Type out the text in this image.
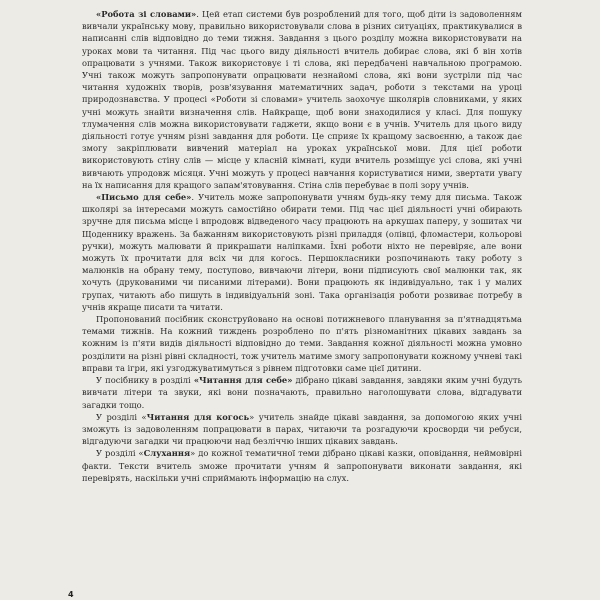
«Робота зі словами». Цей етап системи був розроблений для того, щоб діти із задоволенням вивчали українську мову, правильно використовували слова в різних ситуаціях, практикувалися в написанні слів відповідно до теми тижня. Завдання з цього розділу можна використовувати на уроках мови та читання. Під час цього виду діяльності вчитель добирає слова, які б він хотів опрацювати з учнями. Також використовує і ті слова, які передбачені навчальною програмою. Учні також можуть запропонувати опрацювати незнайомі слова, які вони зустріли під час читання художніх творів, розв'язування математичних задач, роботи з текстами на уроці природознавства. У процесі «Роботи зі словами» учитель заохочує школярів словниками, у яких учні можуть знайти визначення слів. Найкраще, щоб вони знаходилися у класі. Для пошуку тлумачення слів можна використовувати гаджети, якщо вони є в учнів. Учитель для цього виду діяльності готує учням різні завдання для роботи. Це сприяє їх кращому засвоєнню, а також дає змогу закріплювати вивчений матеріал на уроках української мови. Для цієї роботи використовують стіну слів — місце у класній кімнаті, куди вчитель розміщує усі слова, які учні вивчають упродовж місяця. Учні можуть у процесі навчання користуватися ними, звертати увагу на їх написання для кращого запам'ятовування. Стіна слів перебуває в полі зору учнів.

«Письмо для себе». Учитель може запропонувати учням будь-яку тему для письма. Також школярі за інтересами можуть самостійно обирати теми. Під час цієї діяльності учні обирають зручне для письма місце і впродовж відведеного часу працюють на аркушах паперу, у зошитах чи Щоденнику вражень. За бажанням використовують різні приладдя (олівці, фломастери, кольорові ручки), можуть малювати й прикрашати наліпками. Їхні роботи ніхто не перевіряє, але вони можуть їх прочитати для всіх чи для когось. Першокласники розпочинають таку роботу з малюнків на обрану тему, поступово, вивчаючи літери, вони підписують свої малюнки так, як хочуть (друкованими чи писаними літерами). Вони працюють як індивідуально, так і у малих групах, читають або пишуть в індивідуальній зоні. Така організація роботи розвиває потребу в учнів якраще писати та читати.

Пропонований посібник сконструйовано на основі потижневого планування за п'ятнадцятьма темами тижнів. На кожний тиждень розроблено по п'ять різноманітних цікавих завдань за кожним із п'яти видів діяльності відповідно до теми. Завдання кожної діяльності можна умовно розділити на різні рівні складності, тож учитель матиме змогу запропонувати кожному учневі такі вправи та ігри, які узгоджуватимуться з рівнем підготовки саме цієї дитини.

У посібнику в розділі «Читання для себе» дібрано цікаві завдання, завдяки яким учні будуть вивчати літери та звуки, які вони позначають, правильно наголошувати слова, відгадувати загадки тощо.

У розділі «Читання для когось» учитель знайде цікаві завдання, за допомогою яких учні зможуть із задоволенням попрацювати в парах, читаючи та розгадуючи кросворди чи ребуси, відгадуючи загадки чи працюючи над безліччю інших цікавих завдань.

У розділі «Слухання» до кожної тематичної теми дібрано цікаві казки, оповідання, неймовірні факти. Тексти вчитель зможе прочитати учням й запропонувати виконати завдання, які перевірять, наскільки учні сприймають інформацію на слух.

4
